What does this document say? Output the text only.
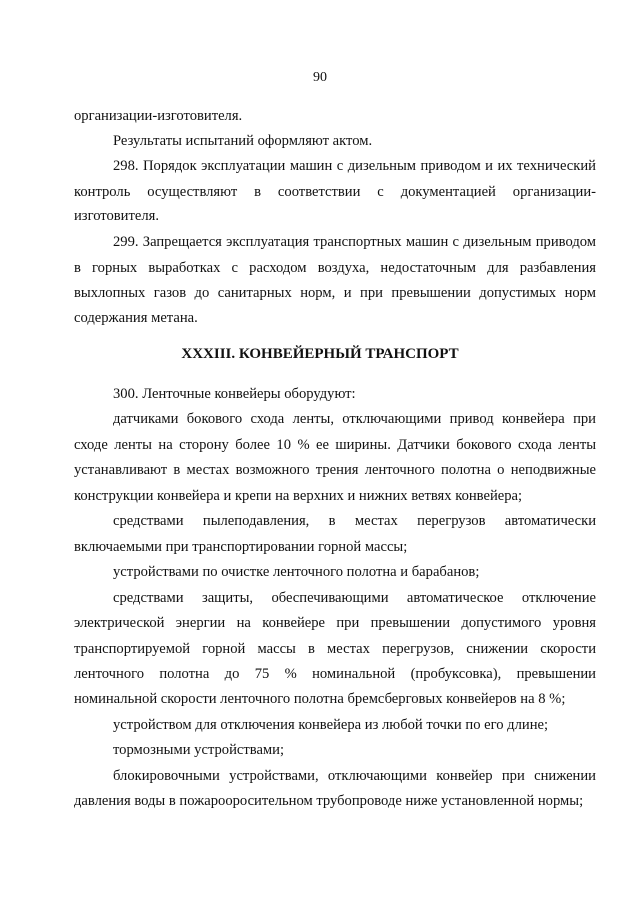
90
организации-изготовителя.
Результаты испытаний оформляют актом.
298. Порядок эксплуатации машин с дизельным приводом и их технический
контроль осуществляют в соответствии с документацией организации-
изготовителя.
299. Запрещается эксплуатация транспортных машин с дизельным приводом
в горных выработках с расходом воздуха, недостаточным для разбавления
выхлопных газов до санитарных норм, и при превышении допустимых норм
содержания метана.
XXXIII. КОНВЕЙЕРНЫЙ ТРАНСПОРТ
300. Ленточные конвейеры оборудуют:
датчиками бокового схода ленты, отключающими привод конвейера при
сходе ленты на сторону более 10 % ее ширины. Датчики бокового схода ленты
устанавливают в местах возможного трения ленточного полотна о неподвижные
конструкции конвейера и крепи на верхних и нижних ветвях конвейера;
средствами пылеподавления, в местах перегрузов автоматически
включаемыми при транспортировании горной массы;
устройствами по очистке ленточного полотна и барабанов;
средствами защиты, обеспечивающими автоматическое отключение
электрической энергии на конвейере при превышении допустимого уровня
транспортируемой горной массы в местах перегрузов, снижении скорости
ленточного полотна до 75 % номинальной (пробуксовка), превышении
номинальной скорости ленточного полотна бремсберговых конвейеров на 8 %;
устройством для отключения конвейера из любой точки по его длине;
тормозными устройствами;
блокировочными устройствами, отключающими конвейер при снижении
давления воды в пожарооросительном трубопроводе ниже установленной нормы;
